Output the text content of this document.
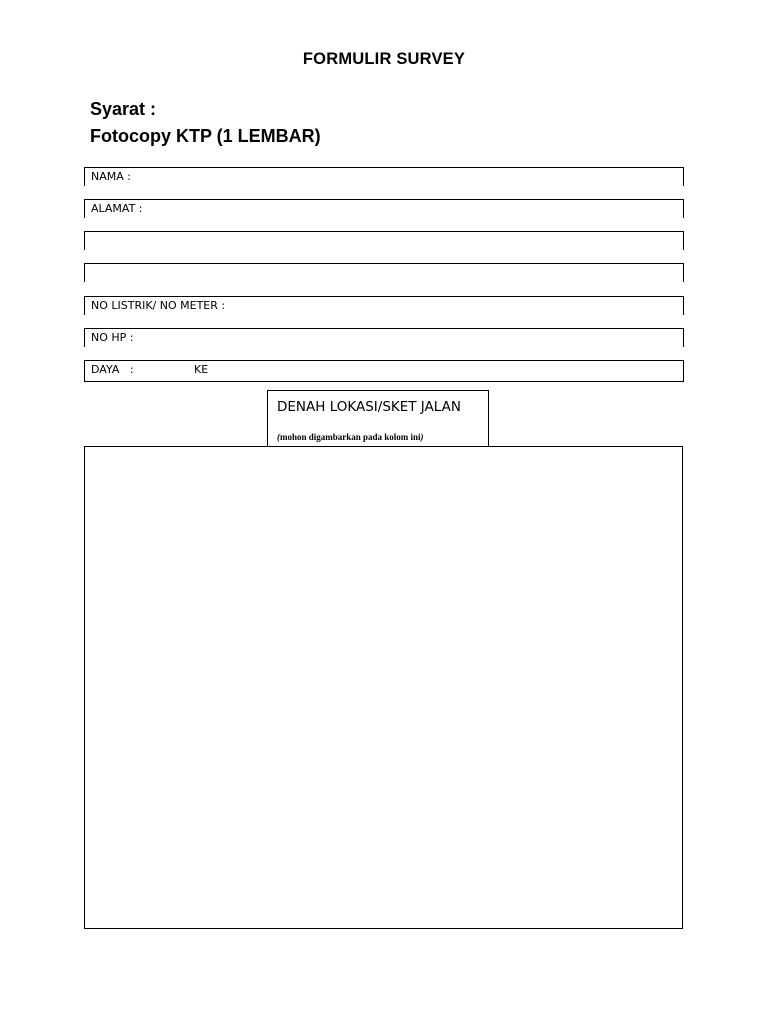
FORMULIR SURVEY
Syarat :
Fotocopy KTP (1 LEMBAR)
NAMA :
ALAMAT :
NO LISTRIK/ NO METER :
NO HP :
DAYA   :	KE
DENAH LOKASI/SKET JALAN
(mohon digambarkan pada kolom ini)
